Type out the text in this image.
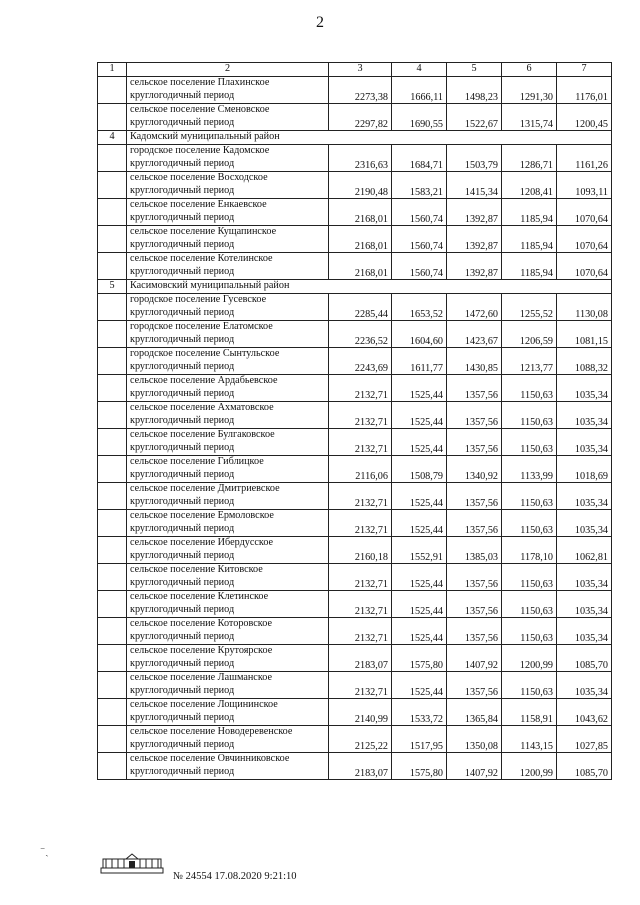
2
1	2	3	4	5	6	7
	сельское поселение Плахинское	2273,38	1666,11	1498,23	1291,30	1176,01
	круглогодичный период					
	сельское поселение Сменовское	2297,82	1690,55	1522,67	1315,74	1200,45
	круглогодичный период					
4	Кадомский муниципальный район					
	городское поселение Кадомское	2316,63	1684,71	1503,79	1286,71	1161,26
	круглогодичный период					
	сельское поселение Восходское	2190,48	1583,21	1415,34	1208,41	1093,11
	круглогодичный период					
	сельское поселение Енкаевское	2168,01	1560,74	1392,87	1185,94	1070,64
	круглогодичный период					
	сельское поселение Кущапинское	2168,01	1560,74	1392,87	1185,94	1070,64
	круглогодичный период					
	сельское поселение Котелинское	2168,01	1560,74	1392,87	1185,94	1070,64
	круглогодичный период					
5	Касимовский муниципальный район					
	городское поселение Гусевское	2285,44	1653,52	1472,60	1255,52	1130,08
	круглогодичный период					
	городское поселение Елатомское	2236,52	1604,60	1423,67	1206,59	1081,15
	круглогодичный период					
	городское поселение Сынтульское	2243,69	1611,77	1430,85	1213,77	1088,32
	круглогодичный период					
	сельское поселение Ардабьевское	2132,71	1525,44	1357,56	1150,63	1035,34
	круглогодичный период					
	сельское поселение Ахматовское	2132,71	1525,44	1357,56	1150,63	1035,34
	круглогодичный период					
	сельское поселение Булгаковское	2132,71	1525,44	1357,56	1150,63	1035,34
	круглогодичный период					
	сельское поселение Гиблицкое	2116,06	1508,79	1340,92	1133,99	1018,69
	круглогодичный период					
	сельское поселение Дмитриевское	2132,71	1525,44	1357,56	1150,63	1035,34
	круглогодичный период					
	сельское поселение Ермоловское	2132,71	1525,44	1357,56	1150,63	1035,34
	круглогодичный период					
	сельское поселение Ибердусское	2160,18	1552,91	1385,03	1178,10	1062,81
	круглогодичный период					
	сельское поселение Китовское	2132,71	1525,44	1357,56	1150,63	1035,34
	круглогодичный период					
	сельское поселение Клетинское	2132,71	1525,44	1357,56	1150,63	1035,34
	круглогодичный период					
	сельское поселение Которовское	2132,71	1525,44	1357,56	1150,63	1035,34
	круглогодичный период					
	сельское поселение Крутоярское	2183,07	1575,80	1407,92	1200,99	1085,70
	круглогодичный период					
	сельское поселение Лашманское	2132,71	1525,44	1357,56	1150,63	1035,34
	круглогодичный период					
	сельское поселение Лощининское	2140,99	1533,72	1365,84	1158,91	1043,62
	круглогодичный период					
	сельское поселение Новодеревенское	2125,22	1517,95	1350,08	1143,15	1027,85
	круглогодичный период					
	сельское поселение Овчинниковское	2183,07	1575,80	1407,92	1200,99	1085,70
	круглогодичный период					
⁻ˎ
№ 24554 17.08.2020 9:21:10
